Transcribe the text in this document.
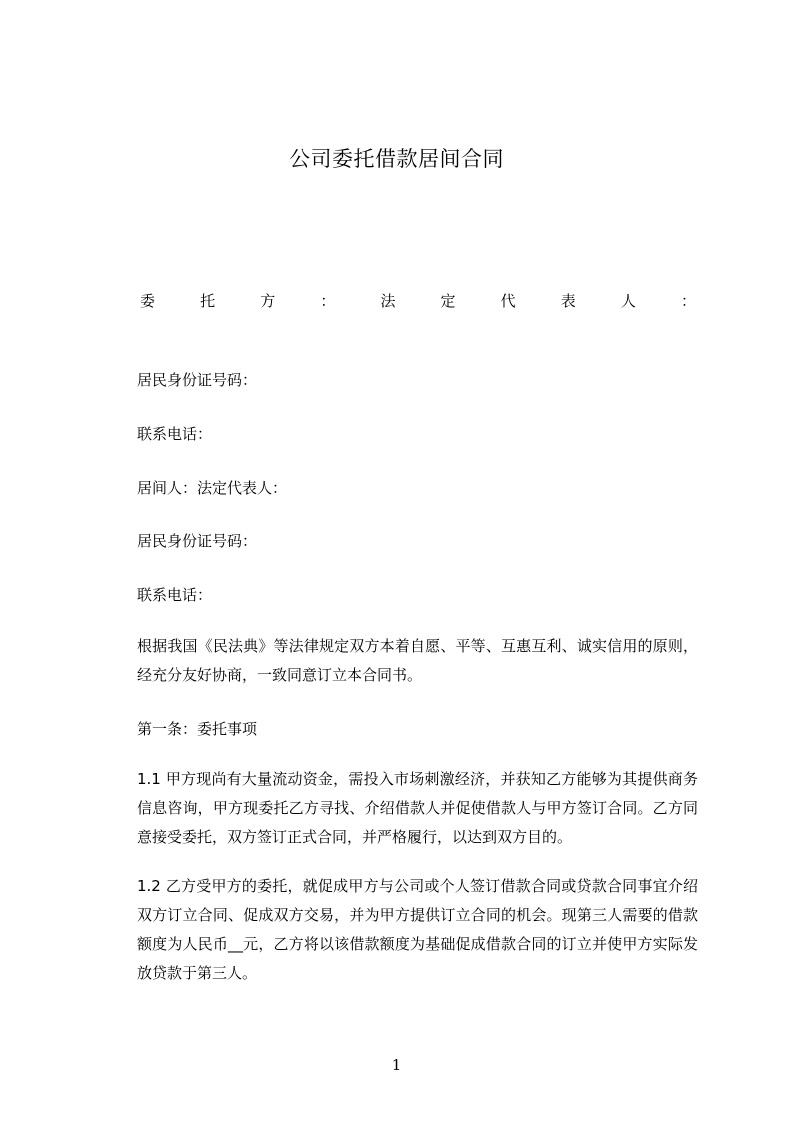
公司委托借款居间合同
委	托	方	：	法	定	代	表	人	：
居民身份证号码：
联系电话：
居间人：法定代表人：
居民身份证号码：
联系电话：
根据我国《民法典》等法律规定双方本着自愿、平等、互惠互利、诚实信用的原则，经充分友好协商，一致同意订立本合同书。
第一条：委托事项
1.1 甲方现尚有大量流动资金，需投入市场刺激经济，并获知乙方能够为其提供商务信息咨询，甲方现委托乙方寻找、介绍借款人并促使借款人与甲方签订合同。乙方同意接受委托，双方签订正式合同，并严格履行，以达到双方目的。
1.2 乙方受甲方的委托，就促成甲方与公司或个人签订借款合同或贷款合同事宜介绍双方订立合同、促成双方交易，并为甲方提供订立合同的机会。现第三人需要的借款额度为人民币__元，乙方将以该借款额度为基础促成借款合同的订立并使甲方实际发放贷款于第三人。
1
